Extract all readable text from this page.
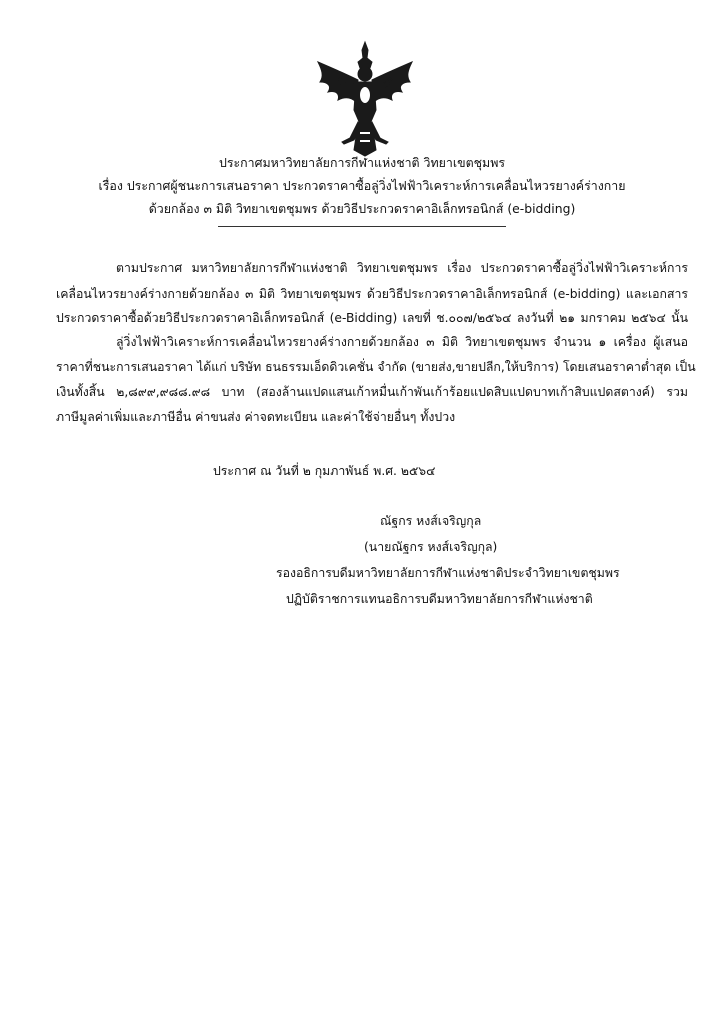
ประกาศมหาวิทยาลัยการกีฬาแห่งชาติ วิทยาเขตชุมพร
เรื่อง ประกาศผู้ชนะการเสนอราคา ประกวดราคาซื้อลู่วิ่งไฟฟ้าวิเคราะห์การเคลื่อนไหวรยางค์ร่างกาย
ด้วยกล้อง ๓ มิติ วิทยาเขตชุมพร ด้วยวิธีประกวดราคาอิเล็กทรอนิกส์ (e-bidding)
ตามประกาศ มหาวิทยาลัยการกีฬาแห่งชาติ วิทยาเขตชุมพร เรื่อง ประกวดราคาซื้อลู่วิ่งไฟฟ้าวิเคราะห์การ
เคลื่อนไหวรยางค์ร่างกายด้วยกล้อง ๓ มิติ วิทยาเขตชุมพร ด้วยวิธีประกวดราคาอิเล็กทรอนิกส์ (e-bidding) และเอกสาร
ประกวดราคาซื้อด้วยวิธีประกวดราคาอิเล็กทรอนิกส์ (e-Bidding) เลขที่ ช.๐๐๗/๒๕๖๔ ลงวันที่ ๒๑ มกราคม ๒๕๖๔ นั้น
ลู่วิ่งไฟฟ้าวิเคราะห์การเคลื่อนไหวรยางค์ร่างกายด้วยกล้อง ๓ มิติ วิทยาเขตชุมพร จำนวน ๑ เครื่อง ผู้เสนอ
ราคาที่ชนะการเสนอราคา ได้แก่ บริษัท ธนธรรมเอ็ดดิวเคชั่น จำกัด (ขายส่ง,ขายปลีก,ให้บริการ) โดยเสนอราคาต่ำสุด เป็น
เงินทั้งสิ้น ๒,๘๙๙,๙๘๘.๙๘ บาท (สองล้านแปดแสนเก้าหมื่นเก้าพันเก้าร้อยแปดสิบแปดบาทเก้าสิบแปดสตางค์) รวม
ภาษีมูลค่าเพิ่มและภาษีอื่น ค่าขนส่ง ค่าจดทะเบียน และค่าใช้จ่ายอื่นๆ ทั้งปวง
ประกาศ ณ วันที่ ๒ กุมภาพันธ์ พ.ศ. ๒๕๖๔
ณัฐกร หงส์เจริญกุล
(นายณัฐกร หงส์เจริญกุล)
รองอธิการบดีมหาวิทยาลัยการกีฬาแห่งชาติประจำวิทยาเขตชุมพร
ปฏิบัติราชการแทนอธิการบดีมหาวิทยาลัยการกีฬาแห่งชาติ
